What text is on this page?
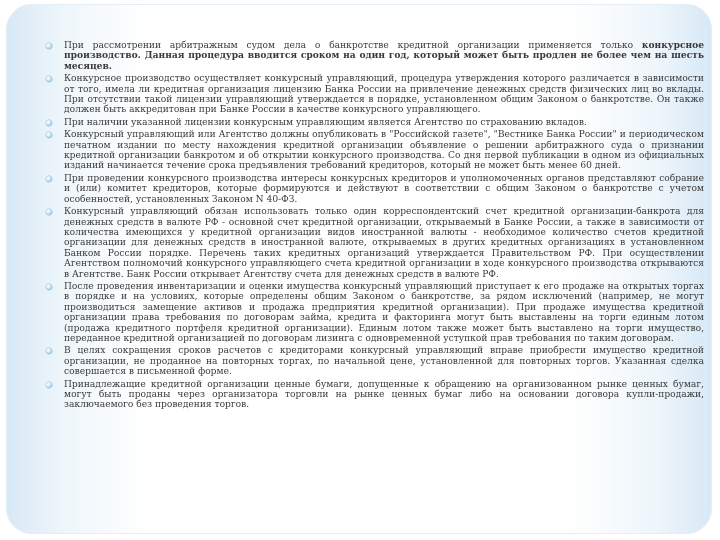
При рассмотрении арбитражным судом дела о банкротстве кредитной организации применяется только конкурсное производство. Данная процедура вводится сроком на один год, который может быть продлен не более чем на шесть месяцев.
Конкурсное производство осуществляет конкурсный управляющий, процедура утверждения которого различается в зависимости от того, имела ли кредитная организация лицензию Банка России на привлечение денежных средств физических лиц во вклады. При отсутствии такой лицензии управляющий утверждается в порядке, установленном общим Законом о банкротстве. Он также должен быть аккредитован при Банке России в качестве конкурсного управляющего.
При наличии указанной лицензии конкурсным управляющим является Агентство по страхованию вкладов.
Конкурсный управляющий или Агентство должны опубликовать в "Российской газете", "Вестнике Банка России" и периодическом печатном издании по месту нахождения кредитной организации объявление о решении арбитражного суда о признании кредитной организации банкротом и об открытии конкурсного производства. Со дня первой публикации в одном из официальных изданий начинается течение срока предъявления требований кредиторов, который не может быть менее 60 дней.
При проведении конкурсного производства интересы конкурсных кредиторов и уполномоченных органов представляют собрание и (или) комитет кредиторов, которые формируются и действуют в соответствии с общим Законом о банкротстве с учетом особенностей, установленных Законом N 40-ФЗ.
Конкурсный управляющий обязан использовать только один корреспондентский счет кредитной организации-банкрота для денежных средств в валюте РФ - основной счет кредитной организации, открываемый в Банке России, а также в зависимости от количества имеющихся у кредитной организации видов иностранной валюты - необходимое количество счетов кредитной организации для денежных средств в иностранной валюте, открываемых в других кредитных организациях в установленном Банком России порядке. Перечень таких кредитных организаций утверждается Правительством РФ. При осуществлении Агентством полномочий конкурсного управляющего счета кредитной организации в ходе конкурсного производства открываются в Агентстве. Банк России открывает Агентству счета для денежных средств в валюте РФ.
После проведения инвентаризации и оценки имущества конкурсный управляющий приступает к его продаже на открытых торгах в порядке и на условиях, которые определены общим Законом о банкротстве, за рядом исключений (например, не могут производиться замещение активов и продажа предприятия кредитной организации). При продаже имущества кредитной организации права требования по договорам займа, кредита и факторинга могут быть выставлены на торги единым лотом (продажа кредитного портфеля кредитной организации). Единым лотом также может быть выставлено на торги имущество, переданное кредитной организацией по договорам лизинга с одновременной уступкой прав требования по таким договорам.
В целях сокращения сроков расчетов с кредиторами конкурсный управляющий вправе приобрести имущество кредитной организации, не проданное на повторных торгах, по начальной цене, установленной для повторных торгов. Указанная сделка совершается в письменной форме.
Принадлежащие кредитной организации ценные бумаги, допущенные к обращению на организованном рынке ценных бумаг, могут быть проданы через организатора торговли на рынке ценных бумаг либо на основании договора купли-продажи, заключаемого без проведения торгов.
